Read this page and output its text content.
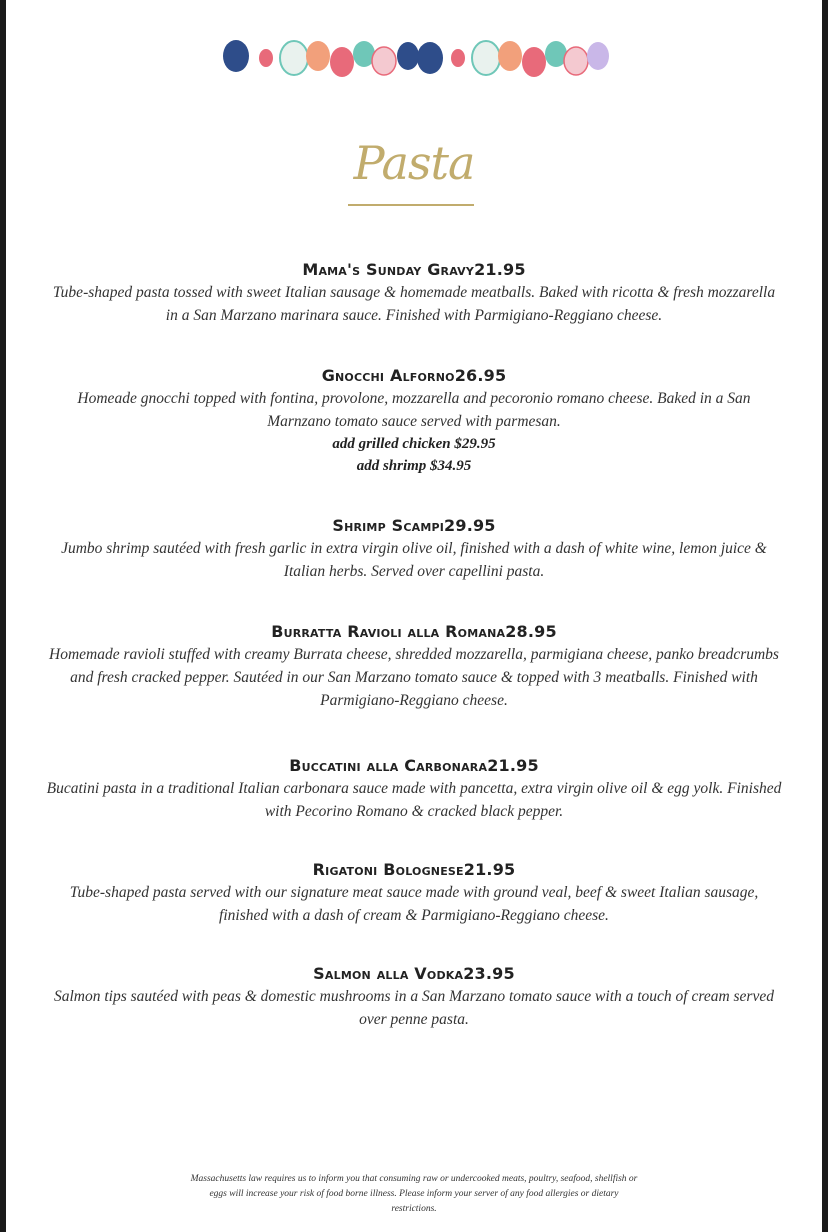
Pasta
Mama's Sunday Gravy21.95
Tube-shaped pasta tossed with sweet Italian sausage & homemade meatballs. Baked with ricotta & fresh mozzarella in a San Marzano marinara sauce. Finished with Parmigiano-Reggiano cheese.
Gnocchi Alforno26.95
Homeade gnocchi topped with fontina, provolone, mozzarella and pecoronio romano cheese. Baked in a San Marnzano tomato sauce served with parmesan.
add grilled chicken $29.95
add shrimp $34.95
Shrimp Scampi29.95
Jumbo shrimp sautéed with fresh garlic in extra virgin olive oil, finished with a dash of white wine, lemon juice & Italian herbs. Served over capellini pasta.
Burratta Ravioli alla Romana28.95
Homemade ravioli stuffed with creamy Burrata cheese, shredded mozzarella, parmigiana cheese, panko breadcrumbs and fresh cracked pepper. Sautéed in our San Marzano tomato sauce & topped with 3 meatballs. Finished with Parmigiano-Reggiano cheese.
Buccatini alla Carbonara21.95
Bucatini pasta in a traditional Italian carbonara sauce made with pancetta, extra virgin olive oil & egg yolk. Finished with Pecorino Romano & cracked black pepper.
Rigatoni Bolognese21.95
Tube-shaped pasta served with our signature meat sauce made with ground veal, beef & sweet Italian sausage, finished with a dash of cream & Parmigiano-Reggiano cheese.
Salmon alla Vodka23.95
Salmon tips sautéed with peas & domestic mushrooms in a San Marzano tomato sauce with a touch of cream served over penne pasta.
Massachusetts law requires us to inform you that consuming raw or undercooked meats, poultry, seafood, shellfish or eggs will increase your risk of food borne illness. Please inform your server of any food allergies or dietary restrictions.
